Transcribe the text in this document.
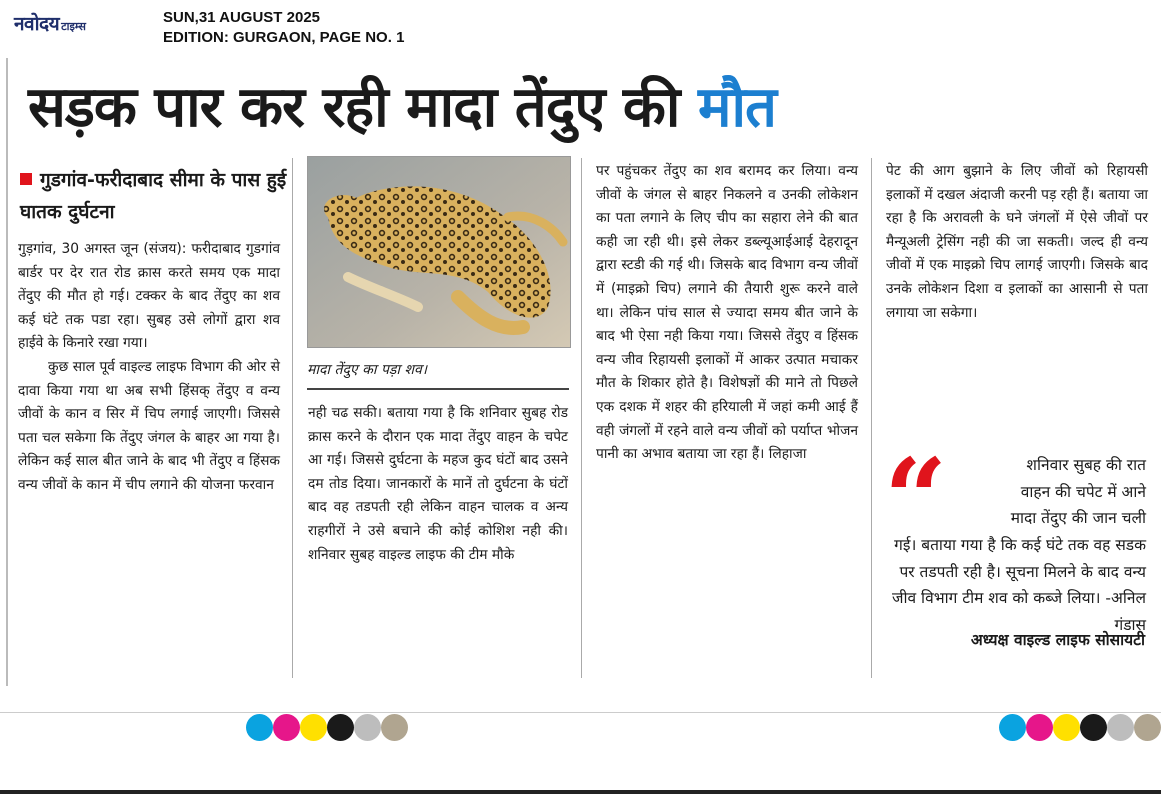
नवोदय टाइम्स
SUN,31 AUGUST 2025
EDITION: GURGAON, PAGE NO. 1
सड़क पार कर रही मादा तेंदुए की मौत
गुडगांव-फरीदाबाद सीमा के पास हुई घातक दुर्घटना

गुड़गांव, 30 अगस्त जून (संजय): फरीदाबाद गुडगांव बार्डर पर देर रात रोड क्रास करते समय एक मादा तेंदुए की मौत हो गई। टक्कर के बाद तेंदुए का शव कई घंटे तक पडा रहा। सुबह उसे लोगों द्वारा शव हाईवे के किनारे रखा गया।

कुछ साल पूर्व वाइल्ड लाइफ विभाग की ओर से दावा किया गया था अब सभी हिंसक् तेंदुए व वन्य जीवों के कान व सिर में चिप लगाई जाएगी। जिससे पता चल सकेगा कि तेंदुए जंगल के बाहर आ गया है। लेकिन कई साल बीत जाने के बाद भी तेंदुए व हिंसक वन्य जीवों के कान में चीप लगाने की योजना फरवान

मादा तेंदुए का पड़ा शव।

नही चढ सकी। बताया गया है कि शनिवार सुबह रोड क्रास करने के दौरान एक मादा तेंदुए वाहन के चपेट आ गई। जिससे दुर्घटना के महज कुद घंटों बाद उसने दम तोड दिया। जानकारों के मानें तो दुर्घटना के घंटों बाद वह तडपती रही लेकिन वाहन चालक व अन्य राहगीरों ने उसे बचाने की कोई कोशिश नही की। शनिवार सुबह वाइल्ड लाइफ की टीम मौके

पर पहुंचकर तेंदुए का शव बरामद कर लिया। वन्य जीवों के जंगल से बाहर निकलने व उनकी लोकेशन का पता लगाने के लिए चीप का सहारा लेने की बात कही जा रही थी। इसे लेकर डब्ल्यूआईआई देहरादून द्वारा स्टडी की गई थी। जिसके बाद विभाग वन्य जीवों में (माइक्रो चिप) लगाने की तैयारी शुरू करने वाले था। लेकिन पांच साल से ज्यादा समय बीत जाने के बाद भी ऐसा नही किया गया। जिससे तेंदुए व हिंसक वन्य जीव रिहायसी इलाकों में आकर उत्पात मचाकर मौत के शिकार होते है। विशेषज्ञों की माने तो पिछले एक दशक में शहर की हरियाली में जहां कमी आई हैं वही जंगलों में रहने वाले वन्य जीवों को पर्याप्त भोजन पानी का अभाव बताया जा रहा हैं। लिहाजा

पेट की आग बुझाने के लिए जीवों को रिहायसी इलाकों में दखल अंदाजी करनी पड़ रही हैं। बताया जा रहा है कि अरावली के घने जंगलों में ऐसे जीवों पर मैन्यूअली ट्रेसिंग नही की जा सकती। जल्द ही वन्य जीवों में एक माइक्रो चिप लागई जाएगी। जिसके बाद उनके लोकेशन दिशा व इलाकों का आसानी से पता लगाया जा सकेगा।

“	शनिवार सुबह की रात
वाहन की चपेट में आने
मादा तेंदुए की जान चली
गई। बताया गया है कि कई घंटे तक वह सडक पर तडपती रही है। सूचना मिलने के बाद वन्य जीव विभाग टीम शव को कब्जे लिया। -अनिल गंडास
अध्यक्ष वाइल्ड लाइफ सोसायटी
